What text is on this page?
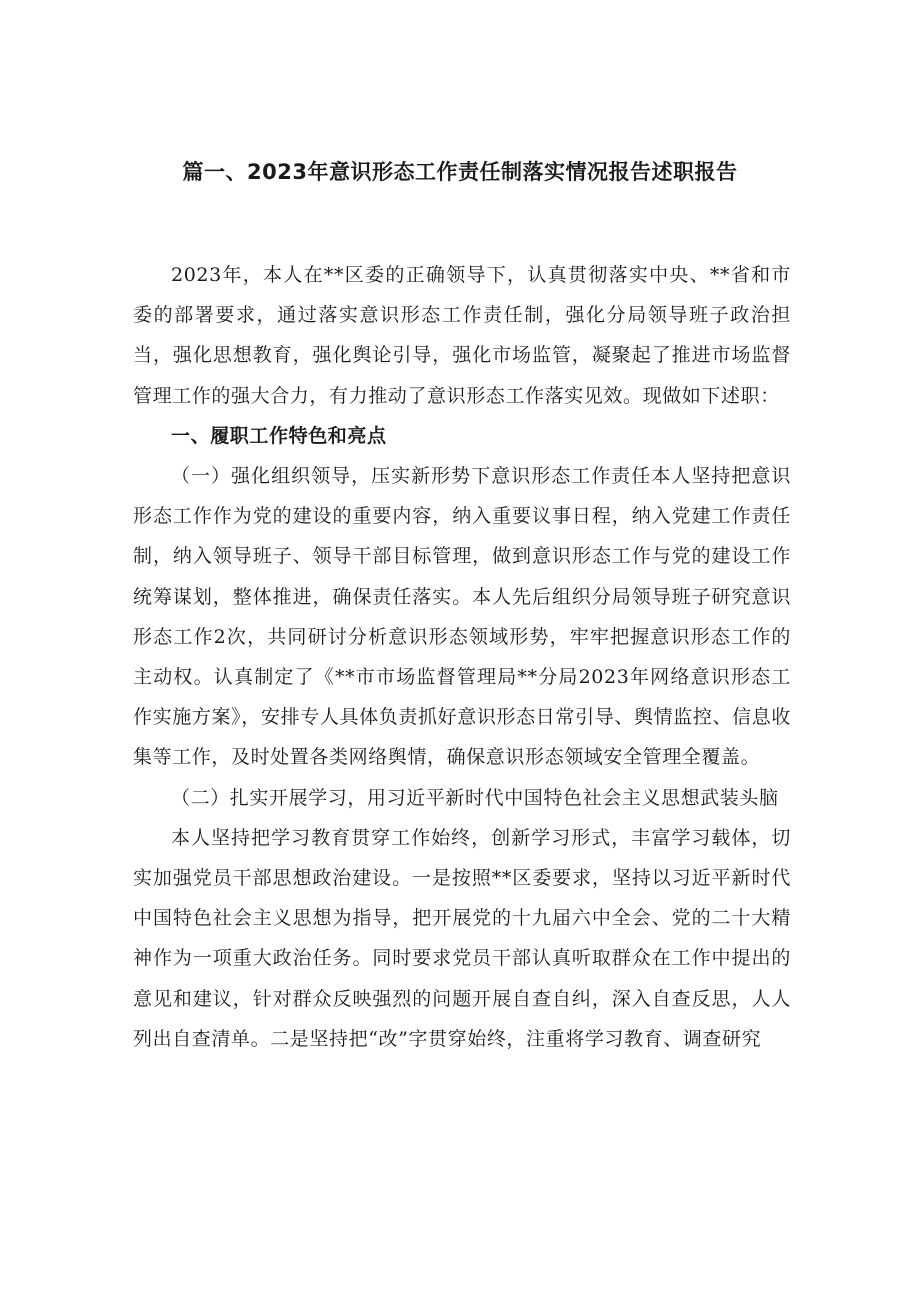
篇一、2023年意识形态工作责任制落实情况报告述职报告

2023年，本人在**区委的正确领导下，认真贯彻落实中央、**省和市委的部署要求，通过落实意识形态工作责任制，强化分局领导班子政治担当，强化思想教育，强化舆论引导，强化市场监管，凝聚起了推进市场监督管理工作的强大合力，有力推动了意识形态工作落实见效。现做如下述职：

一、履职工作特色和亮点

（一）强化组织领导，压实新形势下意识形态工作责任本人坚持把意识形态工作作为党的建设的重要内容，纳入重要议事日程，纳入党建工作责任制，纳入领导班子、领导干部目标管理，做到意识形态工作与党的建设工作统筹谋划，整体推进，确保责任落实。本人先后组织分局领导班子研究意识形态工作2次，共同研讨分析意识形态领域形势，牢牢把握意识形态工作的主动权。认真制定了《**市市场监督管理局**分局2023年网络意识形态工作实施方案》，安排专人具体负责抓好意识形态日常引导、舆情监控、信息收集等工作，及时处置各类网络舆情，确保意识形态领域安全管理全覆盖。

（二）扎实开展学习，用习近平新时代中国特色社会主义思想武装头脑

本人坚持把学习教育贯穿工作始终，创新学习形式，丰富学习载体，切实加强党员干部思想政治建设。一是按照**区委要求，坚持以习近平新时代中国特色社会主义思想为指导，把开展党的十九届六中全会、党的二十大精神作为一项重大政治任务。同时要求党员干部认真听取群众在工作中提出的意见和建议，针对群众反映强烈的问题开展自查自纠，深入自查反思，人人列出自查清单。二是坚持把“改”字贯穿始终，注重将学习教育、调查研究
